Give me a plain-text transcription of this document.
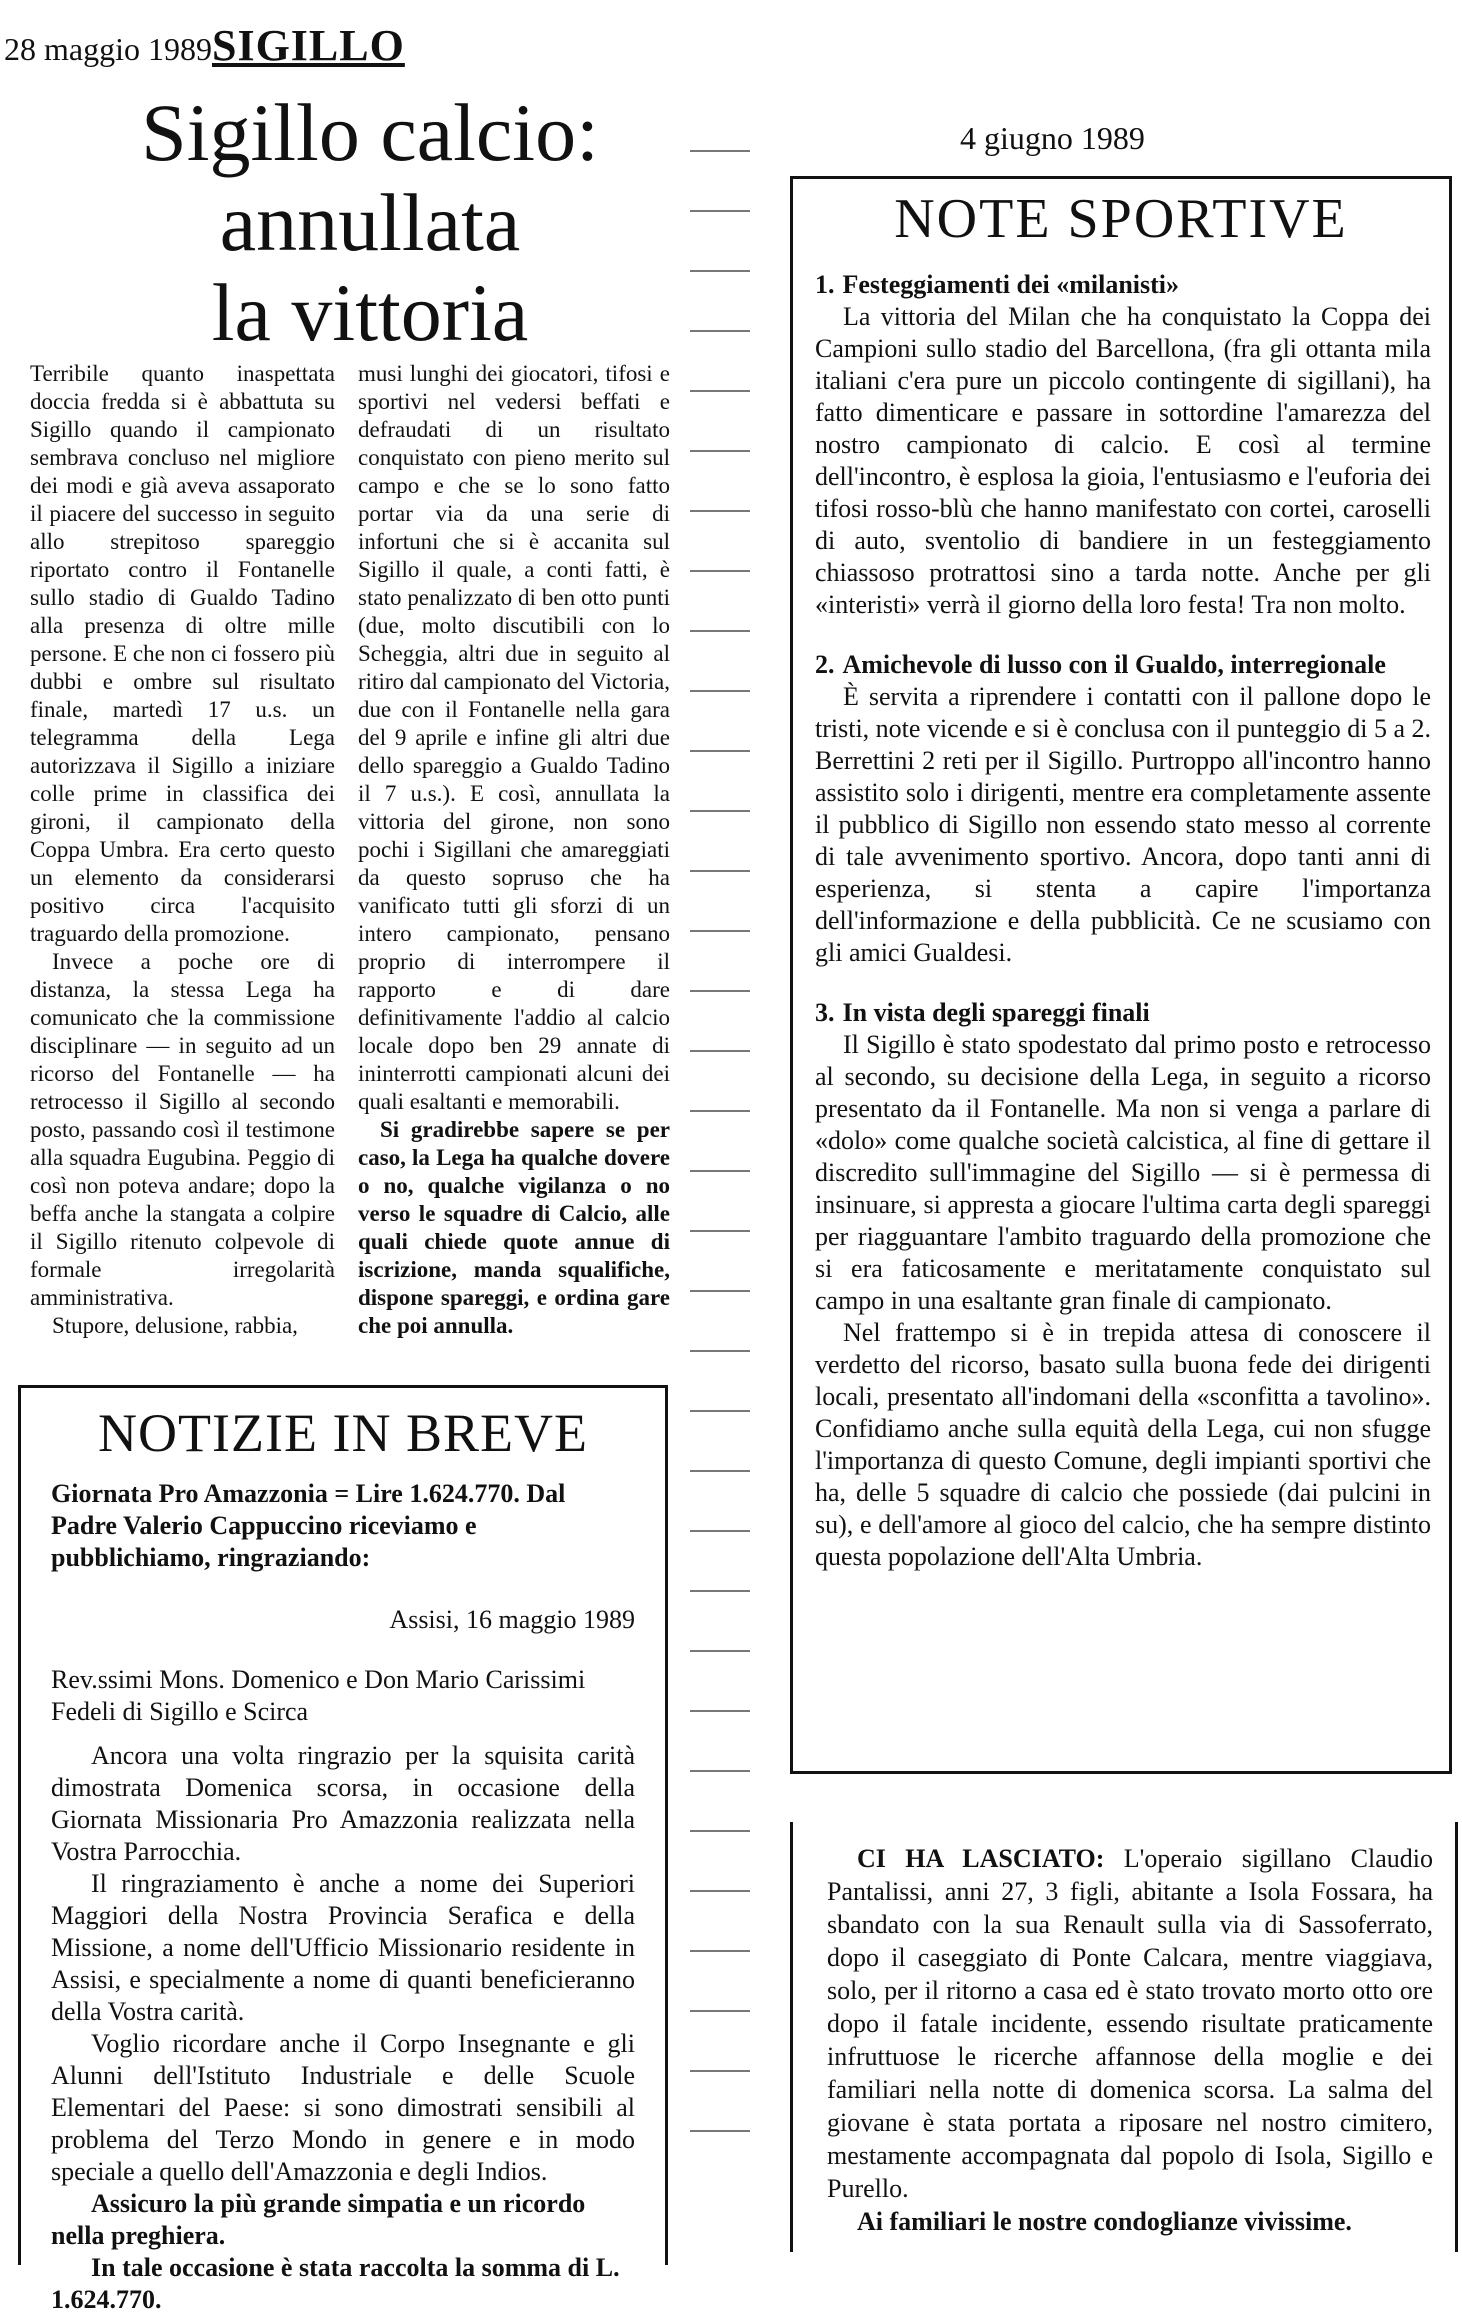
28 maggio 1989SIGILLO
Sigillo calcio:
annullata
la vittoria

Terribile quanto inaspettata doccia fredda si è abbattuta su Sigillo quando il campionato sembrava concluso nel migliore dei modi e già aveva assaporato il piacere del successo in seguito allo strepitoso spareggio riportato contro il Fontanelle sullo stadio di Gualdo Tadino alla presenza di oltre mille persone. E che non ci fossero più dubbi e ombre sul risultato finale, martedì 17 u.s. un telegramma della Lega autorizzava il Sigillo a iniziare colle prime in classifica dei gironi, il campionato della Coppa Umbra. Era certo questo un elemento da considerarsi positivo circa l'acquisito traguardo della promozione.

Invece a poche ore di distanza, la stessa Lega ha comunicato che la commissione disciplinare — in seguito ad un ricorso del Fontanelle — ha retrocesso il Sigillo al secondo posto, passando così il testimone alla squadra Eugubina. Peggio di così non poteva andare; dopo la beffa anche la stangata a colpire il Sigillo ritenuto colpevole di formale irregolarità amministrativa.

Stupore, delusione, rabbia,

musi lunghi dei giocatori, tifosi e sportivi nel vedersi beffati e defraudati di un risultato conquistato con pieno merito sul campo e che se lo sono fatto portar via da una serie di infortuni che si è accanita sul Sigillo il quale, a conti fatti, è stato penalizzato di ben otto punti (due, molto discutibili con lo Scheggia, altri due in seguito al ritiro dal campionato del Victoria, due con il Fontanelle nella gara del 9 aprile e infine gli altri due dello spareggio a Gualdo Tadino il 7 u.s.). E così, annullata la vittoria del girone, non sono pochi i Sigillani che amareggiati da questo sopruso che ha vanificato tutti gli sforzi di un intero campionato, pensano proprio di interrompere il rapporto e di dare definitivamente l'addio al calcio locale dopo ben 29 annate di ininterrotti campionati alcuni dei quali esaltanti e memorabili.

Si gradirebbe sapere se per caso, la Lega ha qualche dovere o no, qualche vigilanza o no verso le squadre di Calcio, alle quali chiede quote annue di iscrizione, manda squalifiche, dispone spareggi, e ordina gare che poi annulla.

NOTIZIE IN BREVE

Giornata Pro Amazzonia = Lire 1.624.770. Dal Padre Valerio Cappuccino riceviamo e pubblichiamo, ringraziando:

Assisi, 16 maggio 1989

Rev.ssimi Mons. Domenico e Don Mario Carissimi Fedeli di Sigillo e Scirca

Ancora una volta ringrazio per la squisita carità dimostrata Domenica scorsa, in occasione della Giornata Missionaria Pro Amazzonia realizzata nella Vostra Parrocchia.

Il ringraziamento è anche a nome dei Superiori Maggiori della Nostra Provincia Serafica e della Missione, a nome dell'Ufficio Missionario residente in Assisi, e specialmente a nome di quanti beneficieranno della Vostra carità.

Voglio ricordare anche il Corpo Insegnante e gli Alunni dell'Istituto Industriale e delle Scuole Elementari del Paese: si sono dimostrati sensibili al problema del Terzo Mondo in genere e in modo speciale a quello dell'Amazzonia e degli Indios.

Assicuro la più grande simpatia e un ricordo nella preghiera.

In tale occasione è stata raccolta la somma di L. 1.624.770.

4 giugno 1989
NOTE SPORTIVE
1. Festeggiamenti dei «milanisti»

La vittoria del Milan che ha conquistato la Coppa dei Campioni sullo stadio del Barcellona, (fra gli ottanta mila italiani c'era pure un piccolo contingente di sigillani), ha fatto dimenticare e passare in sottordine l'amarezza del nostro campionato di calcio. E così al termine dell'incontro, è esplosa la gioia, l'entusiasmo e l'euforia dei tifosi rosso-blù che hanno manifestato con cortei, caroselli di auto, sventolio di bandiere in un festeggiamento chiassoso protrattosi sino a tarda notte. Anche per gli «interisti» verrà il giorno della loro festa! Tra non molto.

2. Amichevole di lusso con il Gualdo, interregionale

È servita a riprendere i contatti con il pallone dopo le tristi, note vicende e si è conclusa con il punteggio di 5 a 2. Berrettini 2 reti per il Sigillo. Purtroppo all'incontro hanno assistito solo i dirigenti, mentre era completamente assente il pubblico di Sigillo non essendo stato messo al corrente di tale avvenimento sportivo. Ancora, dopo tanti anni di esperienza, si stenta a capire l'importanza dell'informazione e della pubblicità. Ce ne scusiamo con gli amici Gualdesi.

3. In vista degli spareggi finali

Il Sigillo è stato spodestato dal primo posto e retrocesso al secondo, su decisione della Lega, in seguito a ricorso presentato da il Fontanelle. Ma non si venga a parlare di «dolo» come qualche società calcistica, al fine di gettare il discredito sull'immagine del Sigillo — si è permessa di insinuare, si appresta a giocare l'ultima carta degli spareggi per riagguantare l'ambito traguardo della promozione che si era faticosamente e meritatamente conquistato sul campo in una esaltante gran finale di campionato.

Nel frattempo si è in trepida attesa di conoscere il verdetto del ricorso, basato sulla buona fede dei dirigenti locali, presentato all'indomani della «sconfitta a tavolino». Confidiamo anche sulla equità della Lega, cui non sfugge l'importanza di questo Comune, degli impianti sportivi che ha, delle 5 squadre di calcio che possiede (dai pulcini in su), e dell'amore al gioco del calcio, che ha sempre distinto questa popolazione dell'Alta Umbria.

CI HA LASCIATO: L'operaio sigillano Claudio Pantalissi, anni 27, 3 figli, abitante a Isola Fossara, ha sbandato con la sua Renault sulla via di Sassoferrato, dopo il caseggiato di Ponte Calcara, mentre viaggiava, solo, per il ritorno a casa ed è stato trovato morto otto ore dopo il fatale incidente, essendo risultate praticamente infruttuose le ricerche affannose della moglie e dei familiari nella notte di domenica scorsa. La salma del giovane è stata portata a riposare nel nostro cimitero, mestamente accompagnata dal popolo di Isola, Sigillo e Purello.
Ai familiari le nostre condoglianze vivissime.
